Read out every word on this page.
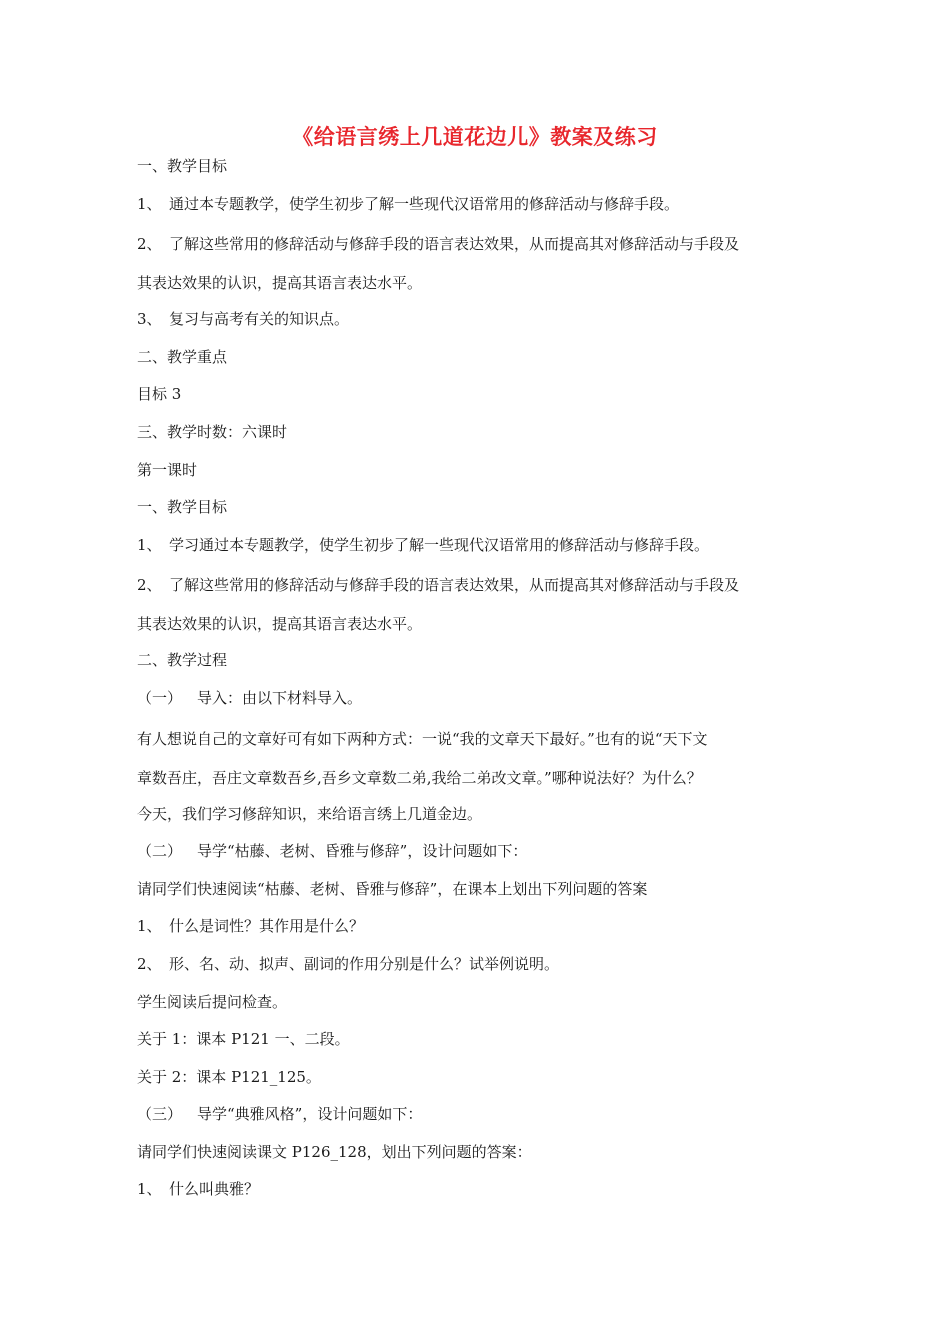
《给语言绣上几道花边儿》教案及练习
一、教学目标
1、 通过本专题教学，使学生初步了解一些现代汉语常用的修辞活动与修辞手段。
2、 了解这些常用的修辞活动与修辞手段的语言表达效果，从而提高其对修辞活动与手段及
其表达效果的认识，提高其语言表达水平。
3、 复习与高考有关的知识点。
二、教学重点
目标 3
三、教学时数：六课时
第一课时
一、教学目标
1、 学习通过本专题教学，使学生初步了解一些现代汉语常用的修辞活动与修辞手段。
2、 了解这些常用的修辞活动与修辞手段的语言表达效果，从而提高其对修辞活动与手段及
其表达效果的认识，提高其语言表达水平。
二、教学过程
（一） 导入：由以下材料导入。
有人想说自己的文章好可有如下两种方式：一说“我的文章天下最好。”也有的说“天下文
章数吾庄，吾庄文章数吾乡,吾乡文章数二弟,我给二弟改文章。”哪种说法好？为什么？
今天，我们学习修辞知识，来给语言绣上几道金边。
（二） 导学“枯藤、老树、昏雅与修辞”，设计问题如下：
请同学们快速阅读“枯藤、老树、昏雅与修辞”，在课本上划出下列问题的答案
1、 什么是词性？其作用是什么？
2、 形、名、动、拟声、副词的作用分别是什么？试举例说明。
学生阅读后提问检查。
关于 1：课本 P121 一、二段。
关于 2：课本 P121_125。
（三） 导学“典雅风格”，设计问题如下：
请同学们快速阅读课文 P126_128，划出下列问题的答案：
1、 什么叫典雅？
